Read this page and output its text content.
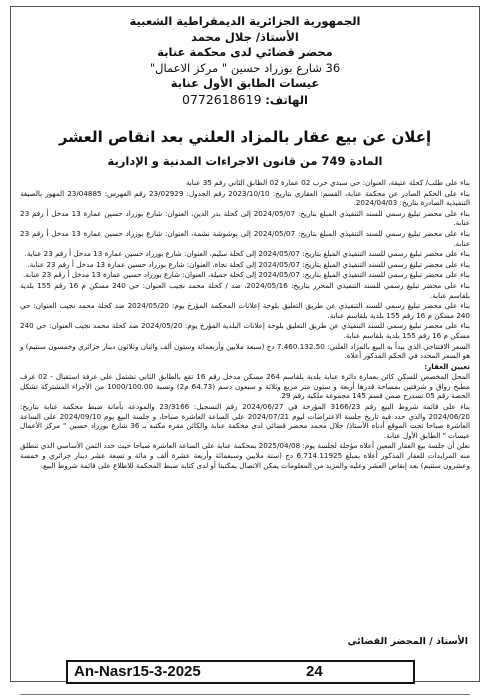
الجمهورية الجزائرية الديمقراطية الشعبية
الأستاذ/ جلال محمد
محضر قضائي لدى محكمة عنابة
36 شارع بوزراد حسين " مركز الاعمال"
عيسات الطابق الأول عنابة
الهاتف: 0772618619
إعلان عن بيع عقار بالمزاد العلني بعد انقاص العشر
المادة 749 من قانون الاجراءات المدنية و الإدارية

بناء على طلب/ كحلة عتيقة، العنوان: حي سيدي حرب 02 عمارة 02 الطابق الثاني رقم 35 عنابة

بناء على الحكم الصادر عن محكمة عنابة، القسم: العقاري بتاريخ: 2023/10/10 رقم الجدول: 23/02929 رقم الفهرس: 23/04885 المهور بالصيغة التنفيذية الصادرة بتاريخ: 2024/04/03.

بناء على محضر تبليغ رسمي للسند التنفيذي المبلغ بتاريخ: 2024/05/07 إلى كحلة بدر الدين، العنوان: شارع بوزراد حسين عمارة 13 مدخل أ رقم 23 عنابة.

بناء على محضر تبليغ رسمي للسند التنفيذي المبلغ بتاريخ: 2024/05/07 إلى بوشوشة نشمة، العنوان: شارع بوزراد حسين عمارة 13 مدخل أ رقم 23 عنابة.

بناء على محضر تبليغ رسمي للسند التنفيذي المبلغ بتاريخ: 2024/05/07 إلى كحلة سليم، العنوان: شارع بوزراد حسين عمارة 13 مدخل أ رقم 23 عنابة.

بناء على محضر تبليغ رسمي للسند التنفيذي المبلغ بتاريخ: 2024/05/07 إلى كحلة نجاة، العنوان: شارع بوزراد حسين عمارة 13 مدخل أ رقم 23 عنابة.

بناء على محضر تبليغ رسمي للسند التنفيذي المبلغ بتاريخ: 2024/05/07 إلى كحلة جميلة، العنوان: شارع بوزراد حسين عمارة 13 مدخل أ رقم 23 عنابة.

بناء على محضر تبليغ رسمي للسند التنفيذي المحرر بتاريخ: 2024/05/16، ضد / كحلة محمد نجيب العنوان: حي 240 مسكن م 16 رقم 155 بلدية بلقاسم عنابة.

بناء على محضر تبليغ رسمي للسند التنفيذي عن طريق التعليق بلوحة إعلانات المحكمة المؤرخ يوم: 2024/05/20 ضد كحلة محمد نجيب العنوان: حي 240 مسكن م 16 رقم 155 بلدية بلقاسم عنابة.

بناء على محضر تبليغ رسمي للسند التنفيذي عن طريق التعليق بلوحة إعلانات البلدية المؤرخ يوم: 2024/05/20 ضد كحلة محمد نجيب العنوان: حي 240 مسكن م 16 رقم 155 بلدية بلقاسم عنابة.

السعر الافتتاحي الذي يبدأ به البيع بالمزاد العلني: 7.460.132.50 دج (سبعة ملايين وأربعمائة وستون ألف واثنان وثلاثون دينار جزائري وخمسون سنتيم) و هو السعر المحدد في الحكم المذكور أعلاه.

تعيين العقار:

المحل المخصص للسكن كائن بعمارة دائرة عنابة بلدية بلقاسم 264 مسكن مدخل رقم 16 تقع بالطابق الثاني تشتمل على غرفة استقبال - 02 غرف مطبخ رواق و شرفتين بمساحة قدرها أربعة و ستون متر مربع وثلاثة و سبعون دسم (64.73 م2) ونسبة 1000/100.00 من الأجزاء المشتركة تشكل الحصة رقم 05 تسدرج ضمن قسم 145 مجموعة ملكية رقم 29.

بناء على قائمة شروط البيع رقم 3166/23 المؤرخة في 2024/06/27 رقم التسجيل: 23/3166 والمودعة بأمانة ضبط محكمة عنابة بتاريخ: 2024/06/20 والذي حدد فيه تاريخ جلسة الاعتراضات ليوم 2024/07/21 على الساعة العاشرة صباحا، و جلسة البيع يوم 2024/09/10 على الساعة العاشرة صباحا تحت الموقع أدناه الأستاذ/ جلال محمد محضر قضائي لدى محكمة عنابة والكائن مقره مكتبه بـ 36 شارع بوزراد حسين " مركز الأعمال عيسات " الطابق الأول عنابة.

نعلن أن جلسة بيع العقار المعين أعلاه مؤجلة لجلسة يوم: 2025/04/08 بمحكمة عنابة على الساعة العاشرة صباحا حيث حدد الثمن الأساسي الذي تنطلق منه المزايدات للعقار المذكور أعلاه بمبلغ 6.714.11925 دج (ستة ملايين وسبعمائة وأربعة عشرة ألف و مائة و تسعة عشر دينار جزائري و خمسة وعشرون سنتيم) بعد إنقاص العشر وعليه والمزيد من المعلومات يمكن الاتصال بمكتبنا أو لدى كتابة ضبط المحكمة للاطلاع على قائمة شروط البيع.

الأستاذ / المحضر القضائي
An-Nasr15-3-2025	24
